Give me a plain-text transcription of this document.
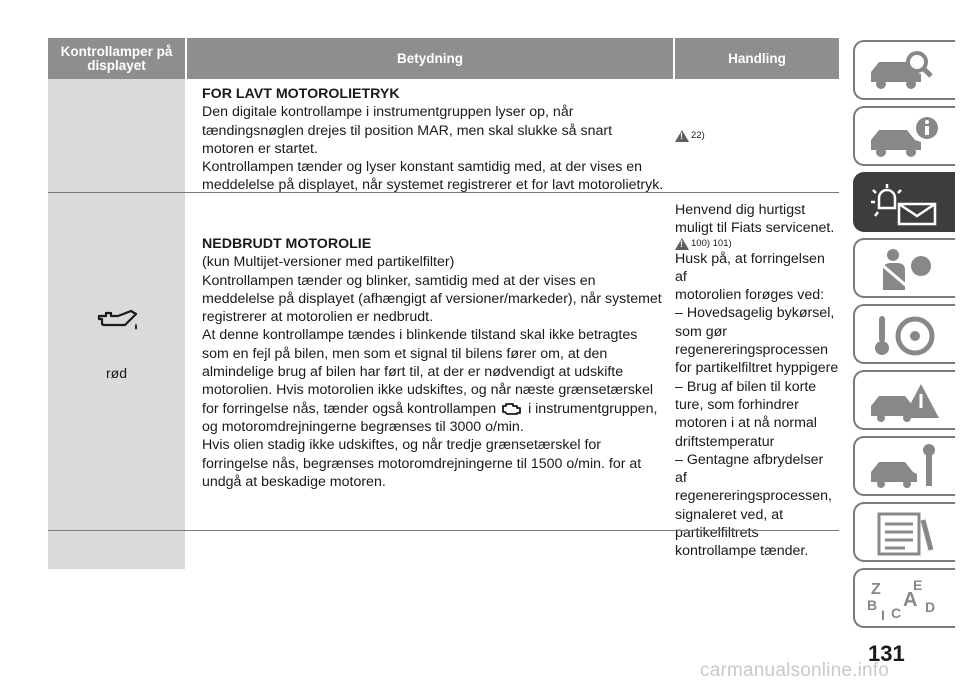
Kontrollamper på displayet	Betydning	Handling
rød
FOR LAVT MOTOROLIETRYK
Den digitale kontrollampe i instrumentgruppen lyser op, når
tændingsnøglen drejes til position MAR, men skal slukke så snart
motoren er startet.
Kontrollampen tænder og lyser konstant samtidig med, at der vises en
meddelelse på displayet, når systemet registrerer et for lavt motorolietryk.
!
22)
NEDBRUDT MOTOROLIE
(kun Multijet-versioner med partikelfilter)
Kontrollampen tænder og blinker, samtidig med at der vises en
meddelelse på displayet (afhængigt af versioner/markeder), når systemet
registrerer at motorolien er nedbrudt.
At denne kontrollampe tændes i blinkende tilstand skal ikke betragtes
som en fejl på bilen, men som et signal til bilens fører om, at den
almindelige brug af bilen har ført til, at der er nødvendigt at udskifte
motorolien. Hvis motorolien ikke udskiftes, og når næste grænsetærskel
for forringelse nås, tænder også kontrollampen i instrumentgruppen,
og motoromdrejningerne begrænses til 3000 o/min.
Hvis olien stadig ikke udskiftes, og når tredje grænsetærskel for
forringelse nås, begrænses motoromdrejningerne til 1500 o/min. for at
undgå at beskadige motoren.
Henvend dig hurtigst
muligt til Fiats servicenet.
!
100) 101)
Husk på, at forringelsen af
motorolien forøges ved:
– Hovedsagelig bykørsel,
som gør
regenereringsprocessen
for partikelfiltret hyppigere
– Brug af bilen til korte
ture, som forhindrer
motoren i at nå normal
driftstemperatur
– Gentagne afbrydelser af
regenereringsprocessen,
signaleret ved, at
partikelfiltrets
kontrollampe tænder.
Z E
B A D
I C
131
carmanualsonline.info
